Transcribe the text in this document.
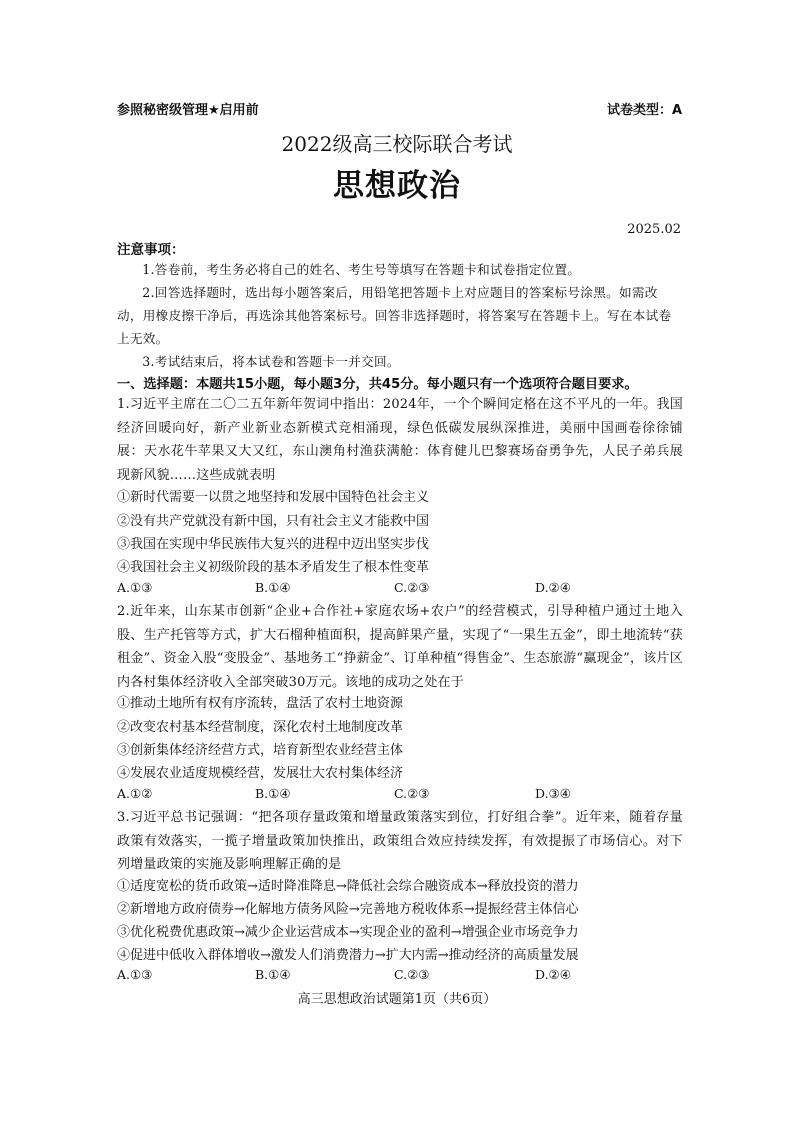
参照秘密级管理★启用前	试卷类型：A
2022级高三校际联合考试
思想政治
2025.02
注意事项：
1.答卷前，考生务必将自己的姓名、考生号等填写在答题卡和试卷指定位置。
2.回答选择题时，选出每小题答案后，用铅笔把答题卡上对应题目的答案标号涂黑。如需改动，用橡皮擦干净后，再选涂其他答案标号。回答非选择题时，将答案写在答题卡上。写在本试卷上无效。
3.考试结束后，将本试卷和答题卡一并交回。
一、选择题：本题共15小题，每小题3分，共45分。每小题只有一个选项符合题目要求。
1.习近平主席在二〇二五年新年贺词中指出：2024年，一个个瞬间定格在这不平凡的一年。我国经济回暖向好，新产业新业态新模式竞相涌现，绿色低碳发展纵深推进，美丽中国画卷徐徐铺展：天水花牛苹果又大又红，东山澳角村渔获满舱：体育健儿巴黎赛场奋勇争先，人民子弟兵展现新风貌……这些成就表明
①新时代需要一以贯之地坚持和发展中国特色社会主义
②没有共产党就没有新中国，只有社会主义才能救中国
③我国在实现中华民族伟大复兴的进程中迈出坚实步伐
④我国社会主义初级阶段的基本矛盾发生了根本性变革
A.①③	B.①④	C.②③	D.②④
2.近年来，山东某市创新“企业+合作社+家庭农场+农户”的经营模式，引导种植户通过土地入股、生产托管等方式，扩大石榴种植面积，提高鲜果产量，实现了“一果生五金”，即土地流转“获租金”、资金入股“变股金”、基地务工“挣薪金”、订单种植“得售金”、生态旅游“赢现金”，该片区内各村集体经济收入全部突破30万元。该地的成功之处在于
①推动土地所有权有序流转，盘活了农村土地资源
②改变农村基本经营制度，深化农村土地制度改革
③创新集体经济经营方式，培育新型农业经营主体
④发展农业适度规模经营，发展壮大农村集体经济
A.①②	B.①④	C.②③	D.③④
3.习近平总书记强调：“把各项存量政策和增量政策落实到位，打好组合拳”。近年来，随着存量政策有效落实，一揽子增量政策加快推出，政策组合效应持续发挥，有效提振了市场信心。对下列增量政策的实施及影响理解正确的是
①适度宽松的货币政策→适时降准降息→降低社会综合融资成本→释放投资的潜力
②新增地方政府债券→化解地方债务风险→完善地方税收体系→提振经营主体信心
③优化税费优惠政策→减少企业运营成本→实现企业的盈利→增强企业市场竞争力
④促进中低收入群体增收→激发人们消费潜力→扩大内需→推动经济的高质量发展
A.①③	B.①④	C.②③	D.②④
高三思想政治试题第1页（共6页）
